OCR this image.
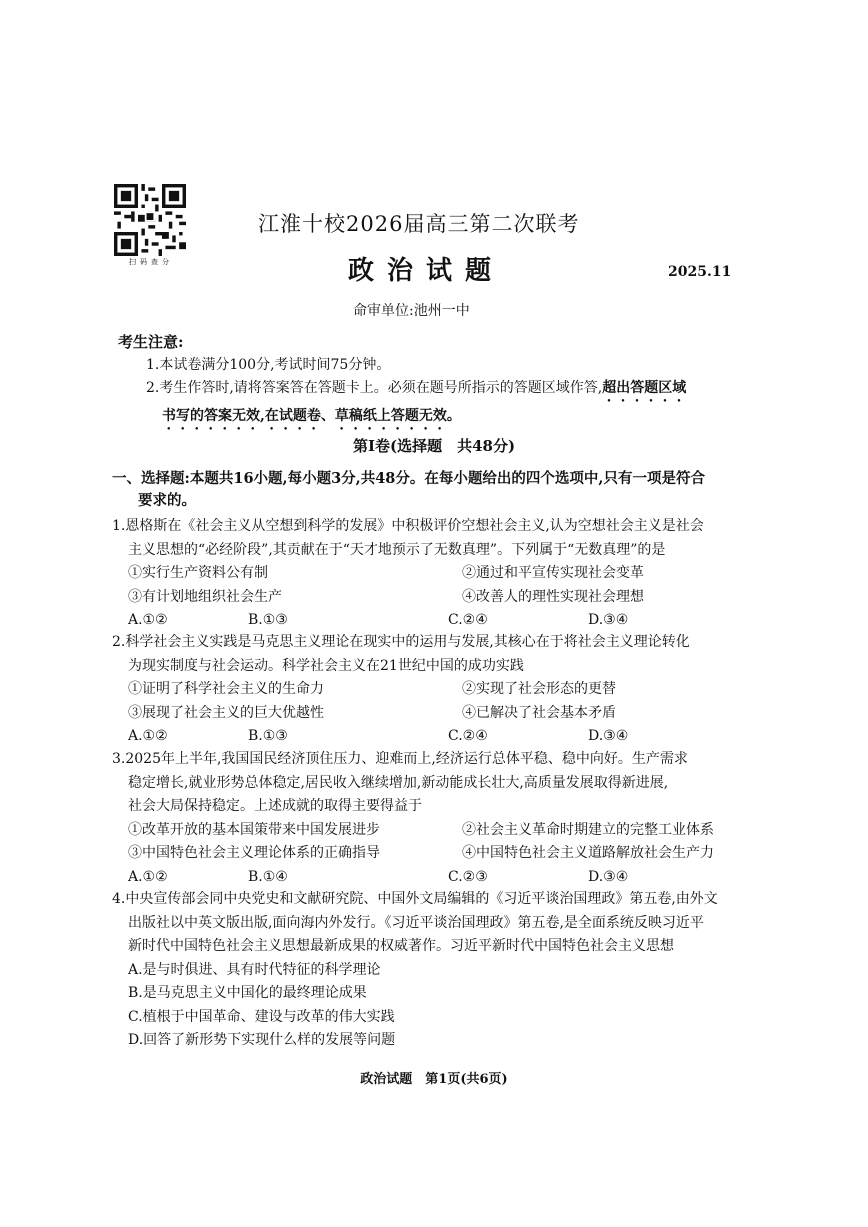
扫码查分
江淮十校2026届高三第二次联考
政治试题	2025.11
命审单位:池州一中
考生注意:
1.本试卷满分100分,考试时间75分钟。
2.考生作答时,请将答案答在答题卡上。必须在题号所指示的答题区域作答,超出答题区域
书写的答案无效,在试题卷、草稿纸上答题无效。
第Ⅰ卷(选择题　共48分)
一、选择题:本题共16小题,每小题3分,共48分。在每小题给出的四个选项中,只有一项是符合
要求的。
1.恩格斯在《社会主义从空想到科学的发展》中积极评价空想社会主义,认为空想社会主义是社会
主义思想的“必经阶段”,其贡献在于“天才地预示了无数真理”。下列属于“无数真理”的是
①实行生产资料公有制	②通过和平宣传实现社会变革
③有计划地组织社会生产	④改善人的理性实现社会理想
A.①②	B.①③	C.②④	D.③④
2.科学社会主义实践是马克思主义理论在现实中的运用与发展,其核心在于将社会主义理论转化
为现实制度与社会运动。科学社会主义在21世纪中国的成功实践
①证明了科学社会主义的生命力	②实现了社会形态的更替
③展现了社会主义的巨大优越性	④已解决了社会基本矛盾
A.①②	B.①③	C.②④	D.③④
3.2025年上半年,我国国民经济顶住压力、迎难而上,经济运行总体平稳、稳中向好。生产需求
稳定增长,就业形势总体稳定,居民收入继续增加,新动能成长壮大,高质量发展取得新进展,
社会大局保持稳定。上述成就的取得主要得益于
①改革开放的基本国策带来中国发展进步	②社会主义革命时期建立的完整工业体系
③中国特色社会主义理论体系的正确指导	④中国特色社会主义道路解放社会生产力
A.①②	B.①④	C.②③	D.③④
4.中央宣传部会同中央党史和文献研究院、中国外文局编辑的《习近平谈治国理政》第五卷,由外文
出版社以中英文版出版,面向海内外发行。《习近平谈治国理政》第五卷,是全面系统反映习近平
新时代中国特色社会主义思想最新成果的权威著作。习近平新时代中国特色社会主义思想
A.是与时俱进、具有时代特征的科学理论
B.是马克思主义中国化的最终理论成果
C.植根于中国革命、建设与改革的伟大实践
D.回答了新形势下实现什么样的发展等问题
政治试题　第1页(共6页)
